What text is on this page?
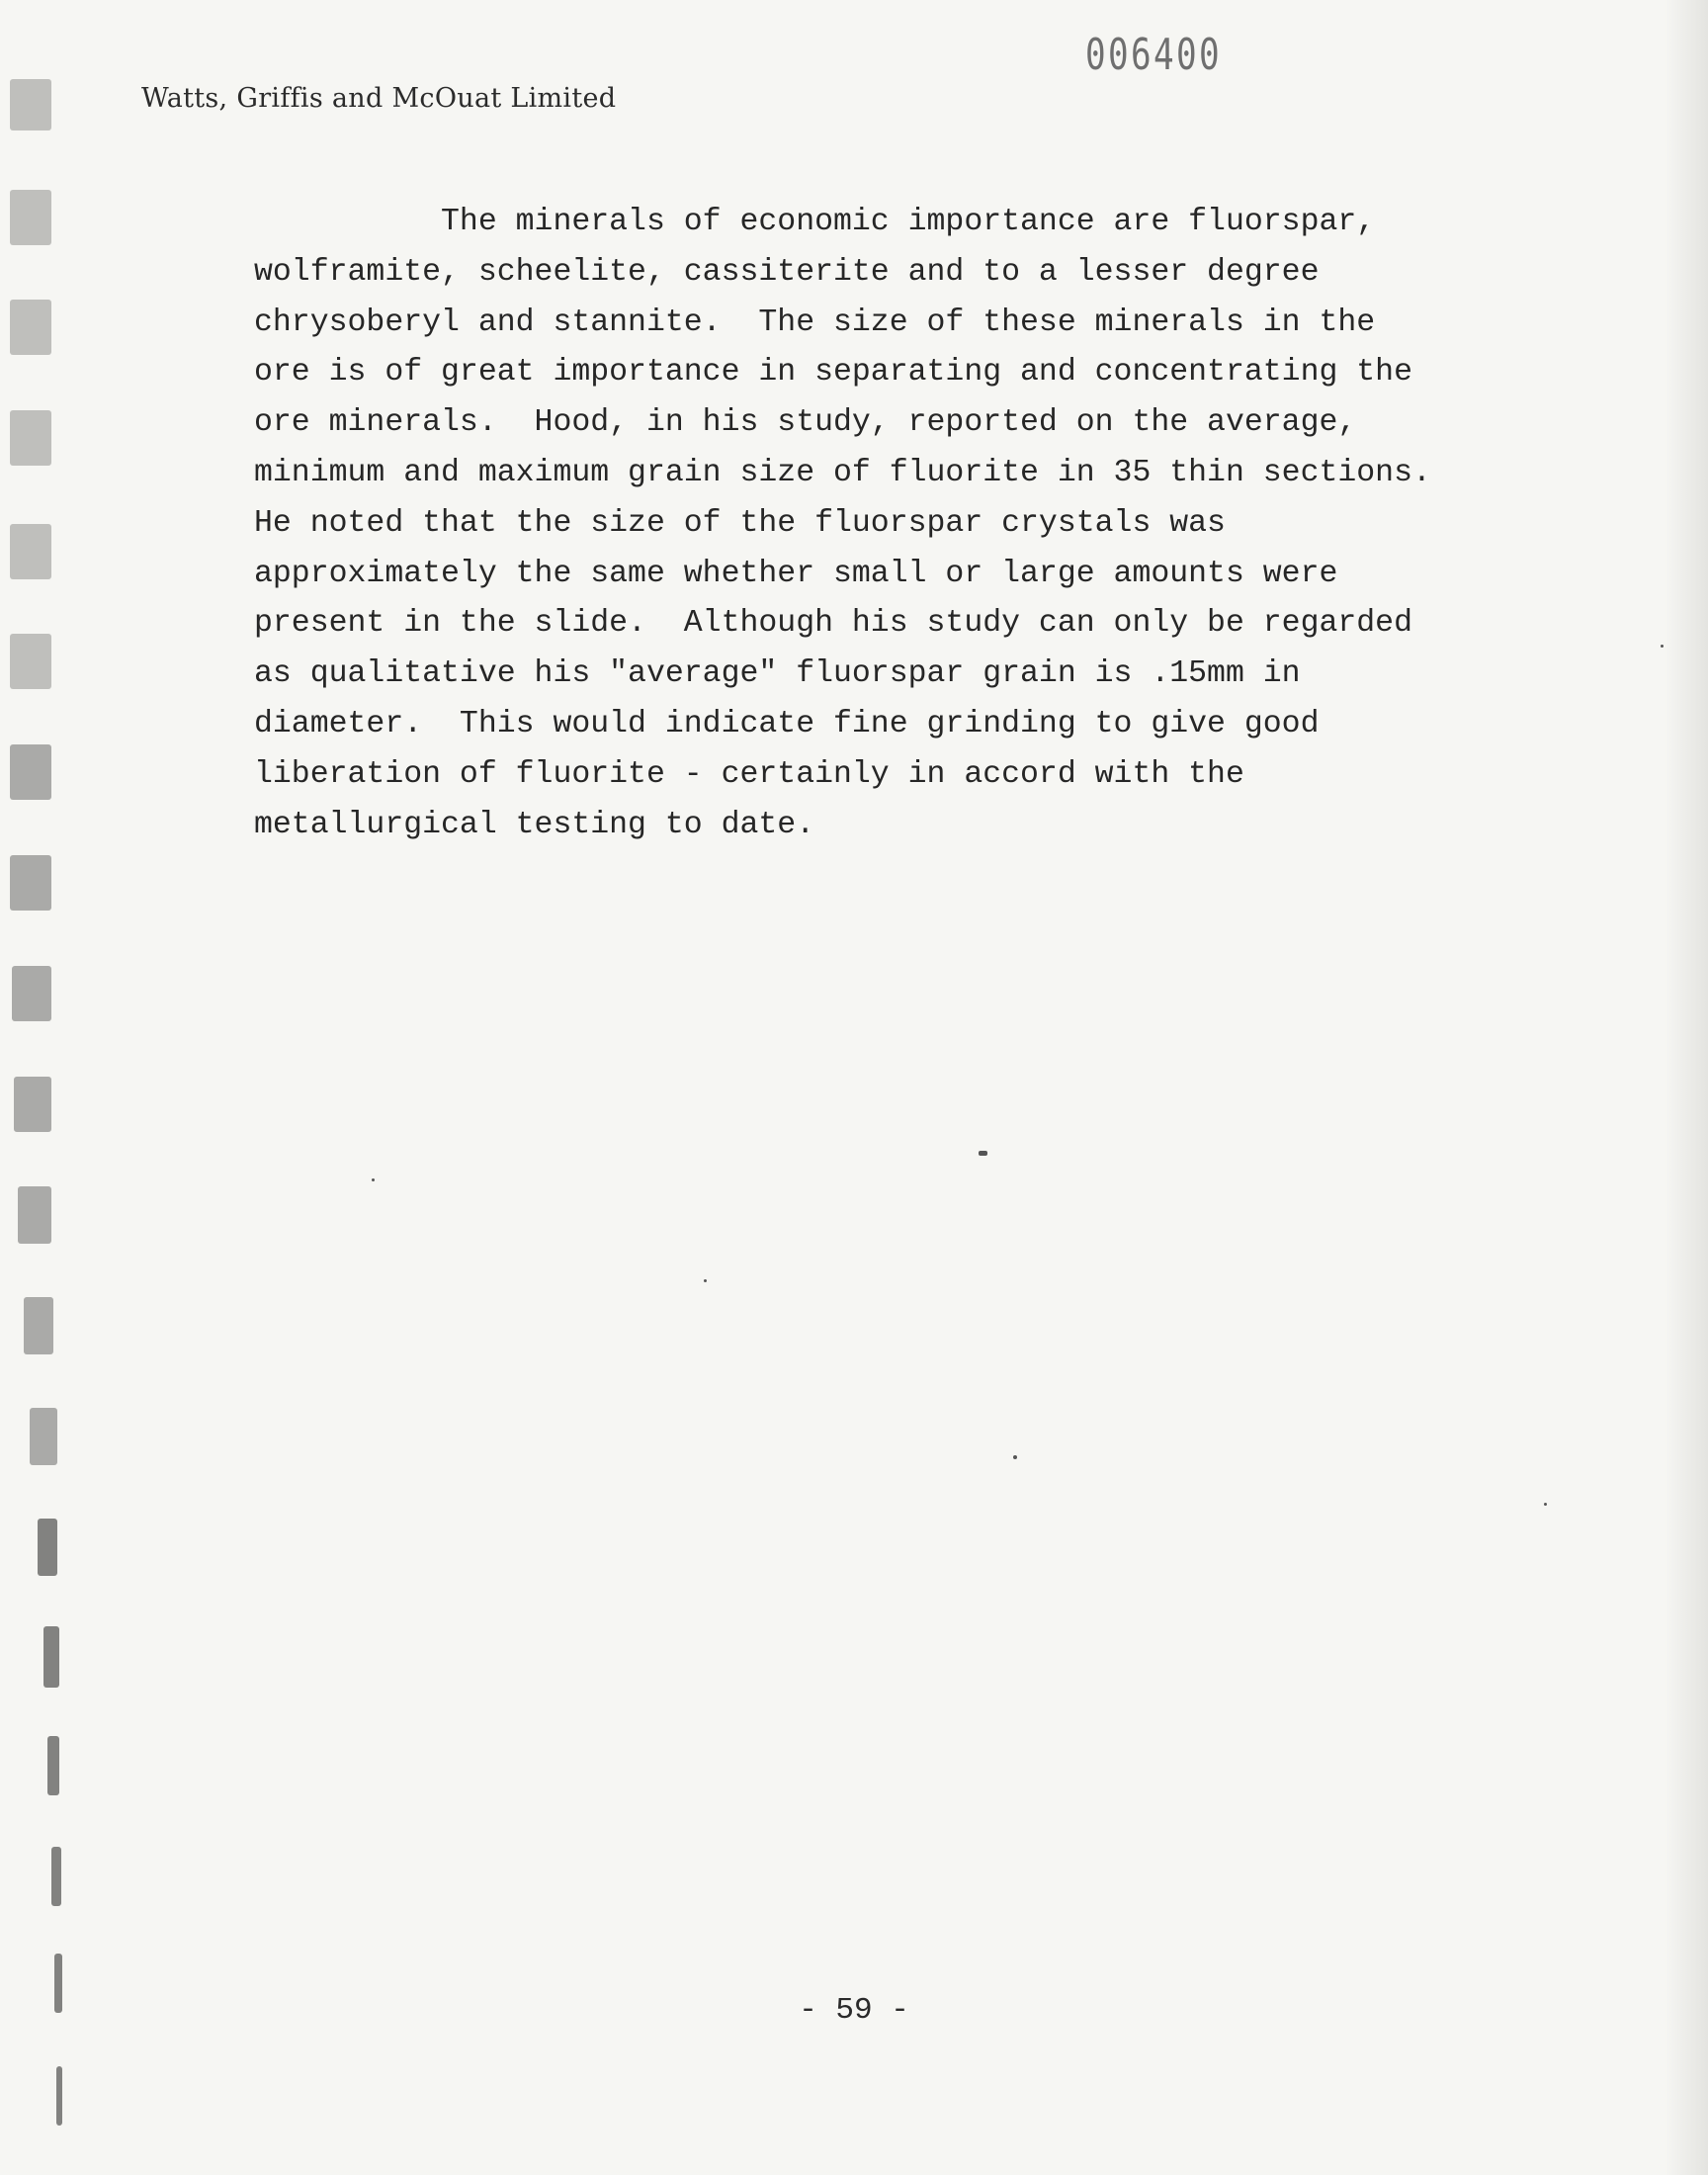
Watts, Griffis and McOuat Limited
006400
The minerals of economic importance are fluorspar,
wolframite, scheelite, cassiterite and to a lesser degree
chrysoberyl and stannite.  The size of these minerals in the
ore is of great importance in separating and concentrating the
ore minerals.  Hood, in his study, reported on the average,
minimum and maximum grain size of fluorite in 35 thin sections.
He noted that the size of the fluorspar crystals was
approximately the same whether small or large amounts were
present in the slide.  Although his study can only be regarded
as qualitative his "average" fluorspar grain is .15mm in
diameter.  This would indicate fine grinding to give good
liberation of fluorite - certainly in accord with the
metallurgical testing to date.
- 59 -
